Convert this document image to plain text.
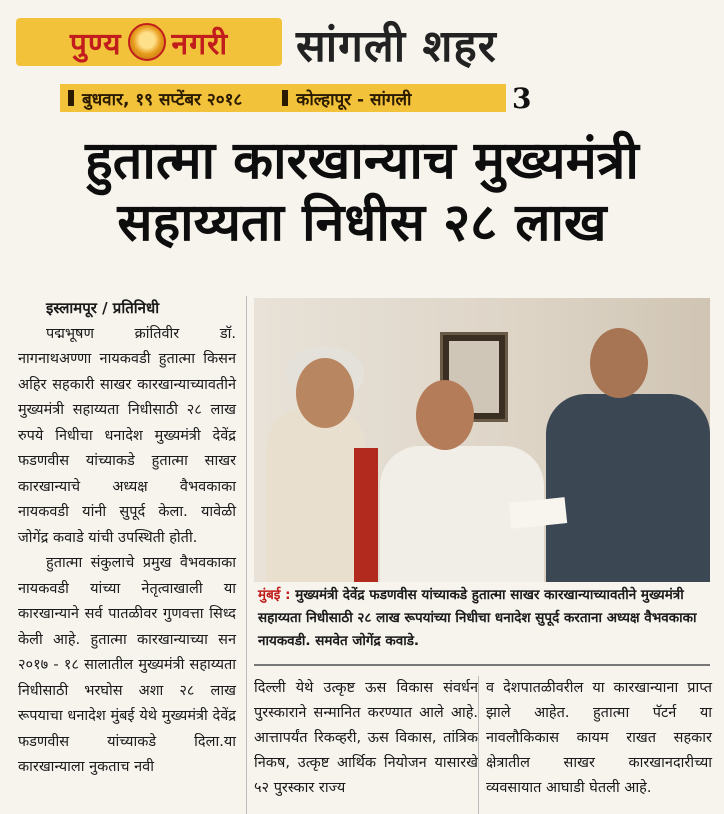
पुण्य नगरी सांगली शहर
बुधवार, १९ सप्टेंबर २०१८	कोल्हापूर - सांगली	3
हुतात्मा कारखान्याच मुख्यमंत्री
सहाय्यता निधीस २८ लाख
इस्लामपूर / प्रतिनिधी

पद्मभूषण क्रांतिवीर डॉ. नागनाथअण्णा नायकवडी हुतात्मा किसन अहिर सहकारी साखर कारखान्याच्यावतीने मुख्यमंत्री सहाय्यता निधीसाठी २८ लाख रुपये निधीचा धनादेश मुख्यमंत्री देवेंद्र फडणवीस यांच्याकडे हुतात्मा साखर कारखान्याचे अध्यक्ष वैभवकाका नायकवडी यांनी सुपूर्द केला. यावेळी जोगेंद्र कवाडे यांची उपस्थिती होती.

हुतात्मा संकुलाचे प्रमुख वैभवकाका नायकवडी यांच्या नेतृत्वाखाली या कारखान्याने सर्व पातळीवर गुणवत्ता सिध्द केली आहे. हुतात्मा कारखान्याच्या सन २०१७ - १८ सालातील मुख्यमंत्री सहाय्यता निधीसाठी भरघोस अशा २८ लाख रूपयाचा धनादेश मुंबई येथे मुख्यमंत्री देवेंद्र फडणवीस यांच्याकडे दिला.या कारखान्याला नुकताच नवी

मुंबई : मुख्यमंत्री देवेंद्र फडणवीस यांच्याकडे हुतात्मा साखर कारखान्याच्यावतीने मुख्यमंत्री सहाय्यता निधीसाठी २८ लाख रूपयांच्या निधीचा धनादेश सुपूर्द करताना अध्यक्ष वैभवकाका नायकवडी. समवेत जोगेंद्र कवाडे.

दिल्ली येथे उत्कृष्ट ऊस विकास संवर्धन पुरस्काराने सन्मानित करण्यात आले आहे. आत्तापर्यंत रिकव्हरी, ऊस विकास, तांत्रिक निकष, उत्कृष्ट आर्थिक नियोजन यासारखे ५२ पुरस्कार राज्य

व देशपातळीवरील या कारखान्याना प्राप्त झाले आहेत. हुतात्मा पॅटर्न या नावलौकिकास कायम राखत सहकार क्षेत्रातील साखर कारखानदारीच्या व्यवसायात आघाडी घेतली आहे.
